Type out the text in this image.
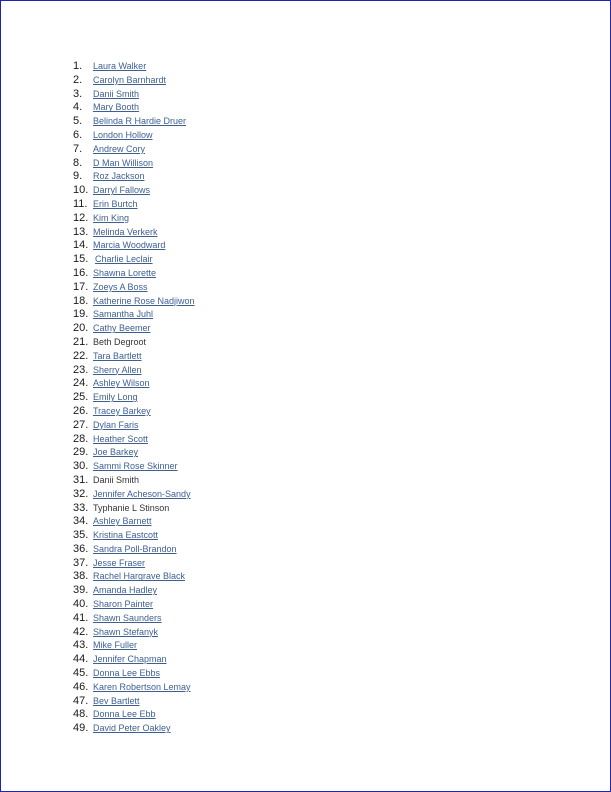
1. Laura Walker
2. Carolyn Barnhardt
3. Danii Smith
4. Mary Booth
5. Belinda R Hardie Druer
6. London Hollow
7. Andrew Cory
8. D Man Willison
9. Roz Jackson
10. Darryl Fallows
11. Erin Burtch
12. Kim King
13. Melinda Verkerk
14. Marcia Woodward
15. Charlie Leclair
16. Shawna Lorette
17. Zoeys A Boss
18. Katherine Rose Nadjiwon
19. Samantha Juhl
20. Cathy Beemer
21. Beth Degroot
22. Tara Bartlett
23. Sherry Allen
24. Ashley Wilson
25. Emily Long
26. Tracey Barkey
27. Dylan Faris
28. Heather Scott
29. Joe Barkey
30. Sammi Rose Skinner
31. Danii Smith
32. Jennifer Acheson-Sandy
33. Typhanie L Stinson
34. Ashley Barnett
35. Kristina Eastcott
36. Sandra Poll-Brandon
37. Jesse Fraser
38. Rachel Hargrave Black
39. Amanda Hadley
40. Sharon Painter
41. Shawn Saunders
42. Shawn Stefanyk
43. Mike Fuller
44. Jennifer Chapman
45. Donna Lee Ebbs
46. Karen Robertson Lemay
47. Bev Bartlett
48. Donna Lee Ebb
49. David Peter Oakley
